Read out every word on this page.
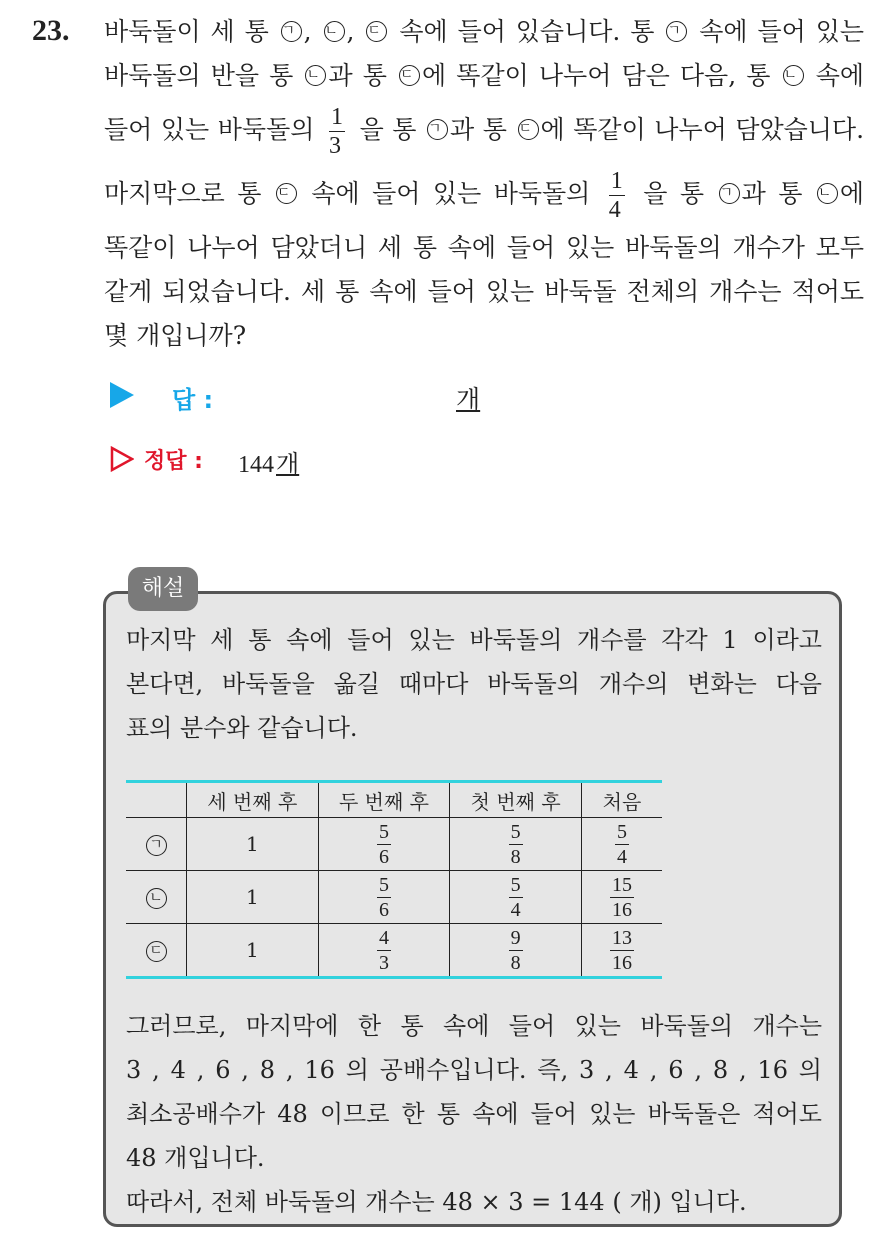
23. 바둑돌이 세 통 ㄱ , ㄴ , ㄷ 속에 들어 있습니다. 통 ㄱ 속에 들어 있는
바둑돌의 반을 통 ㄴ 과 통 ㄷ 에 똑같이 나누어 담은 다음, 통 ㄴ 속에
들어 있는 바둑돌의 $\frac{1}{3}$ 을 통 ㄱ 과 통 ㄷ 에 똑같이 나누어 담았습니다.
마지막으로 통 ㄷ 속에 들어 있는 바둑돌의 $\frac{1}{4}$ 을 통 ㄱ 과 통 ㄴ 에
똑같이 나누어 담았더니 세 통 속에 들어 있는 바둑돌의 개수가 모두
같게 되었습니다. 세 통 속에 들어 있는 바둑돌 전체의 개수는 적어도
몇 개입니까?
답 :	개
정답 : 144개
해설
마지막 세 통 속에 들어 있는 바둑돌의 개수를 각각 1 이라고
본다면, 바둑돌을 옮길 때마다 바둑돌의 개수의 변화는 다음
표의 분수와 같습니다.
	세 번째 후	두 번째 후	첫 번째 후	처음
ㄱ	1	$\frac{5}{6}$	$\frac{5}{8}$	$\frac{5}{4}$

ㄴ	1	$\frac{5}{6}$	$\frac{5}{4}$	$\frac{15}{16}$

ㄷ	1	$\frac{4}{3}$	$\frac{9}{8}$	$\frac{13}{16}$
그러므로, 마지막에 한 통 속에 들어 있는 바둑돌의 개수는
3 , 4 , 6 , 8 , 16 의 공배수입니다. 즉, 3 , 4 , 6 , 8 , 16 의
최소공배수가 48 이므로 한 통 속에 들어 있는 바둑돌은 적어도
48 개입니다.
따라서, 전체 바둑돌의 개수는 48 × 3 = 144 ( 개) 입니다.
